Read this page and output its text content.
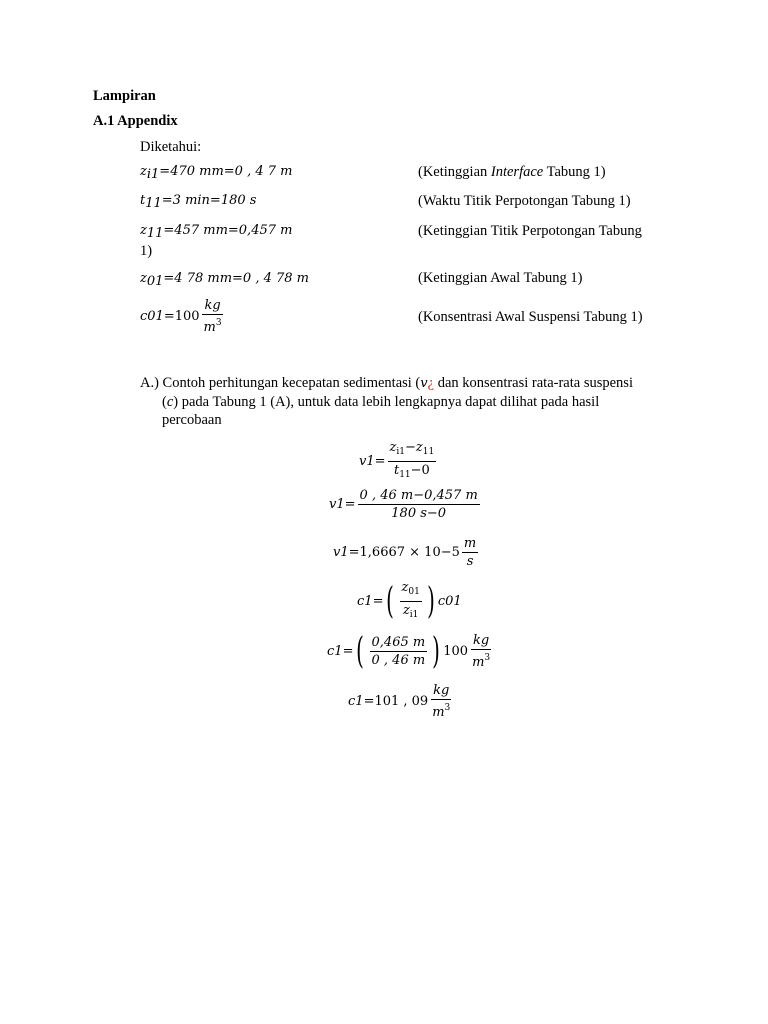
Lampiran
A.1 Appendix
Diketahui:
$z_{i1}=470$ mm=0 , 4 7 m	(Ketinggian Interface Tabung 1)
$t_{11}=3$ min=180 s	(Waktu Titik Perpotongan Tabung 1)
$z_{11}=457$ mm=0,457 m	(Ketinggian Titik Perpotongan Tabung
1)
$z_{01}=4$ 78 mm=0 , 4 78 m	(Ketinggian Awal Tabung 1)
c $01 =100 \frac{kg}{m^3}$	(Konsentrasi Awal Suspensi Tabung 1)
A.) Contoh perhitungan kecepatan sedimentasi (v¿ dan konsentrasi rata-rata suspensi
(c) pada Tabung 1 (A), untuk data lebih lengkapnya dapat dilihat pada hasil
percobaan
v $1 = \frac{z_{i1}-z_{11}}{t_{11}-0}$
v $1 = \frac{0 , 46 m-0,457 m}{180 s-0}$
v $1 =1,6667 \times 10 -5 \frac{m}{s}$
c 1 = ( $\frac{z_{01}}{z_{i1}}$ ) c 01
c 1 = ( $\frac{0,465 m}{0 , 46 m}$ ) $100 \frac{kg}{m^3}$
c 1 =101 , $09 \frac{kg}{m^3}$
